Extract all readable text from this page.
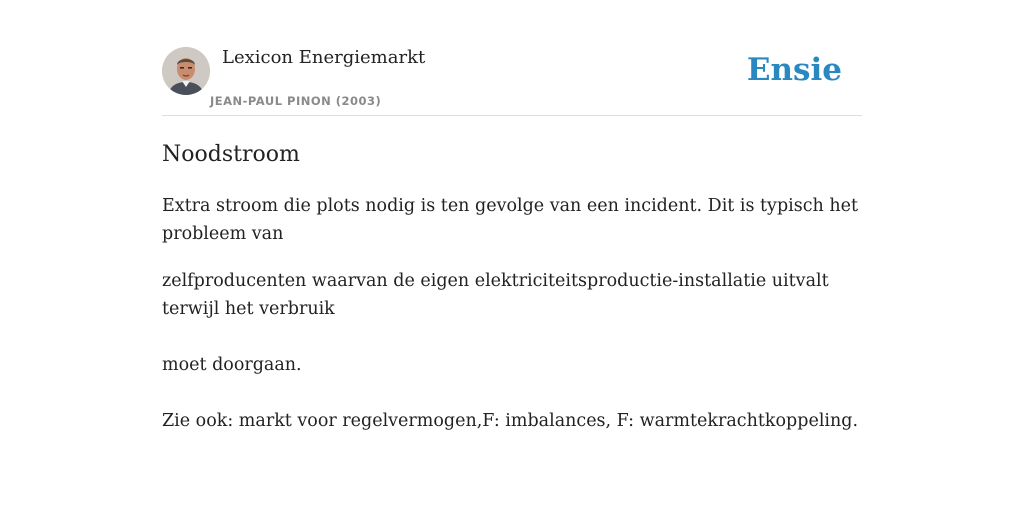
Lexicon Energiemarkt
JEAN-PAUL PINON (2003)
Ensie
Noodstroom

Extra stroom die plots nodig is ten gevolge van een incident. Dit is typisch het probleem van

zelfproducenten waarvan de eigen elektriciteitsproductie-installatie uitvalt terwijl het verbruik

moet doorgaan.

Zie ook: markt voor regelvermogen,F: imbalances, F: warmtekrachtkoppeling.
